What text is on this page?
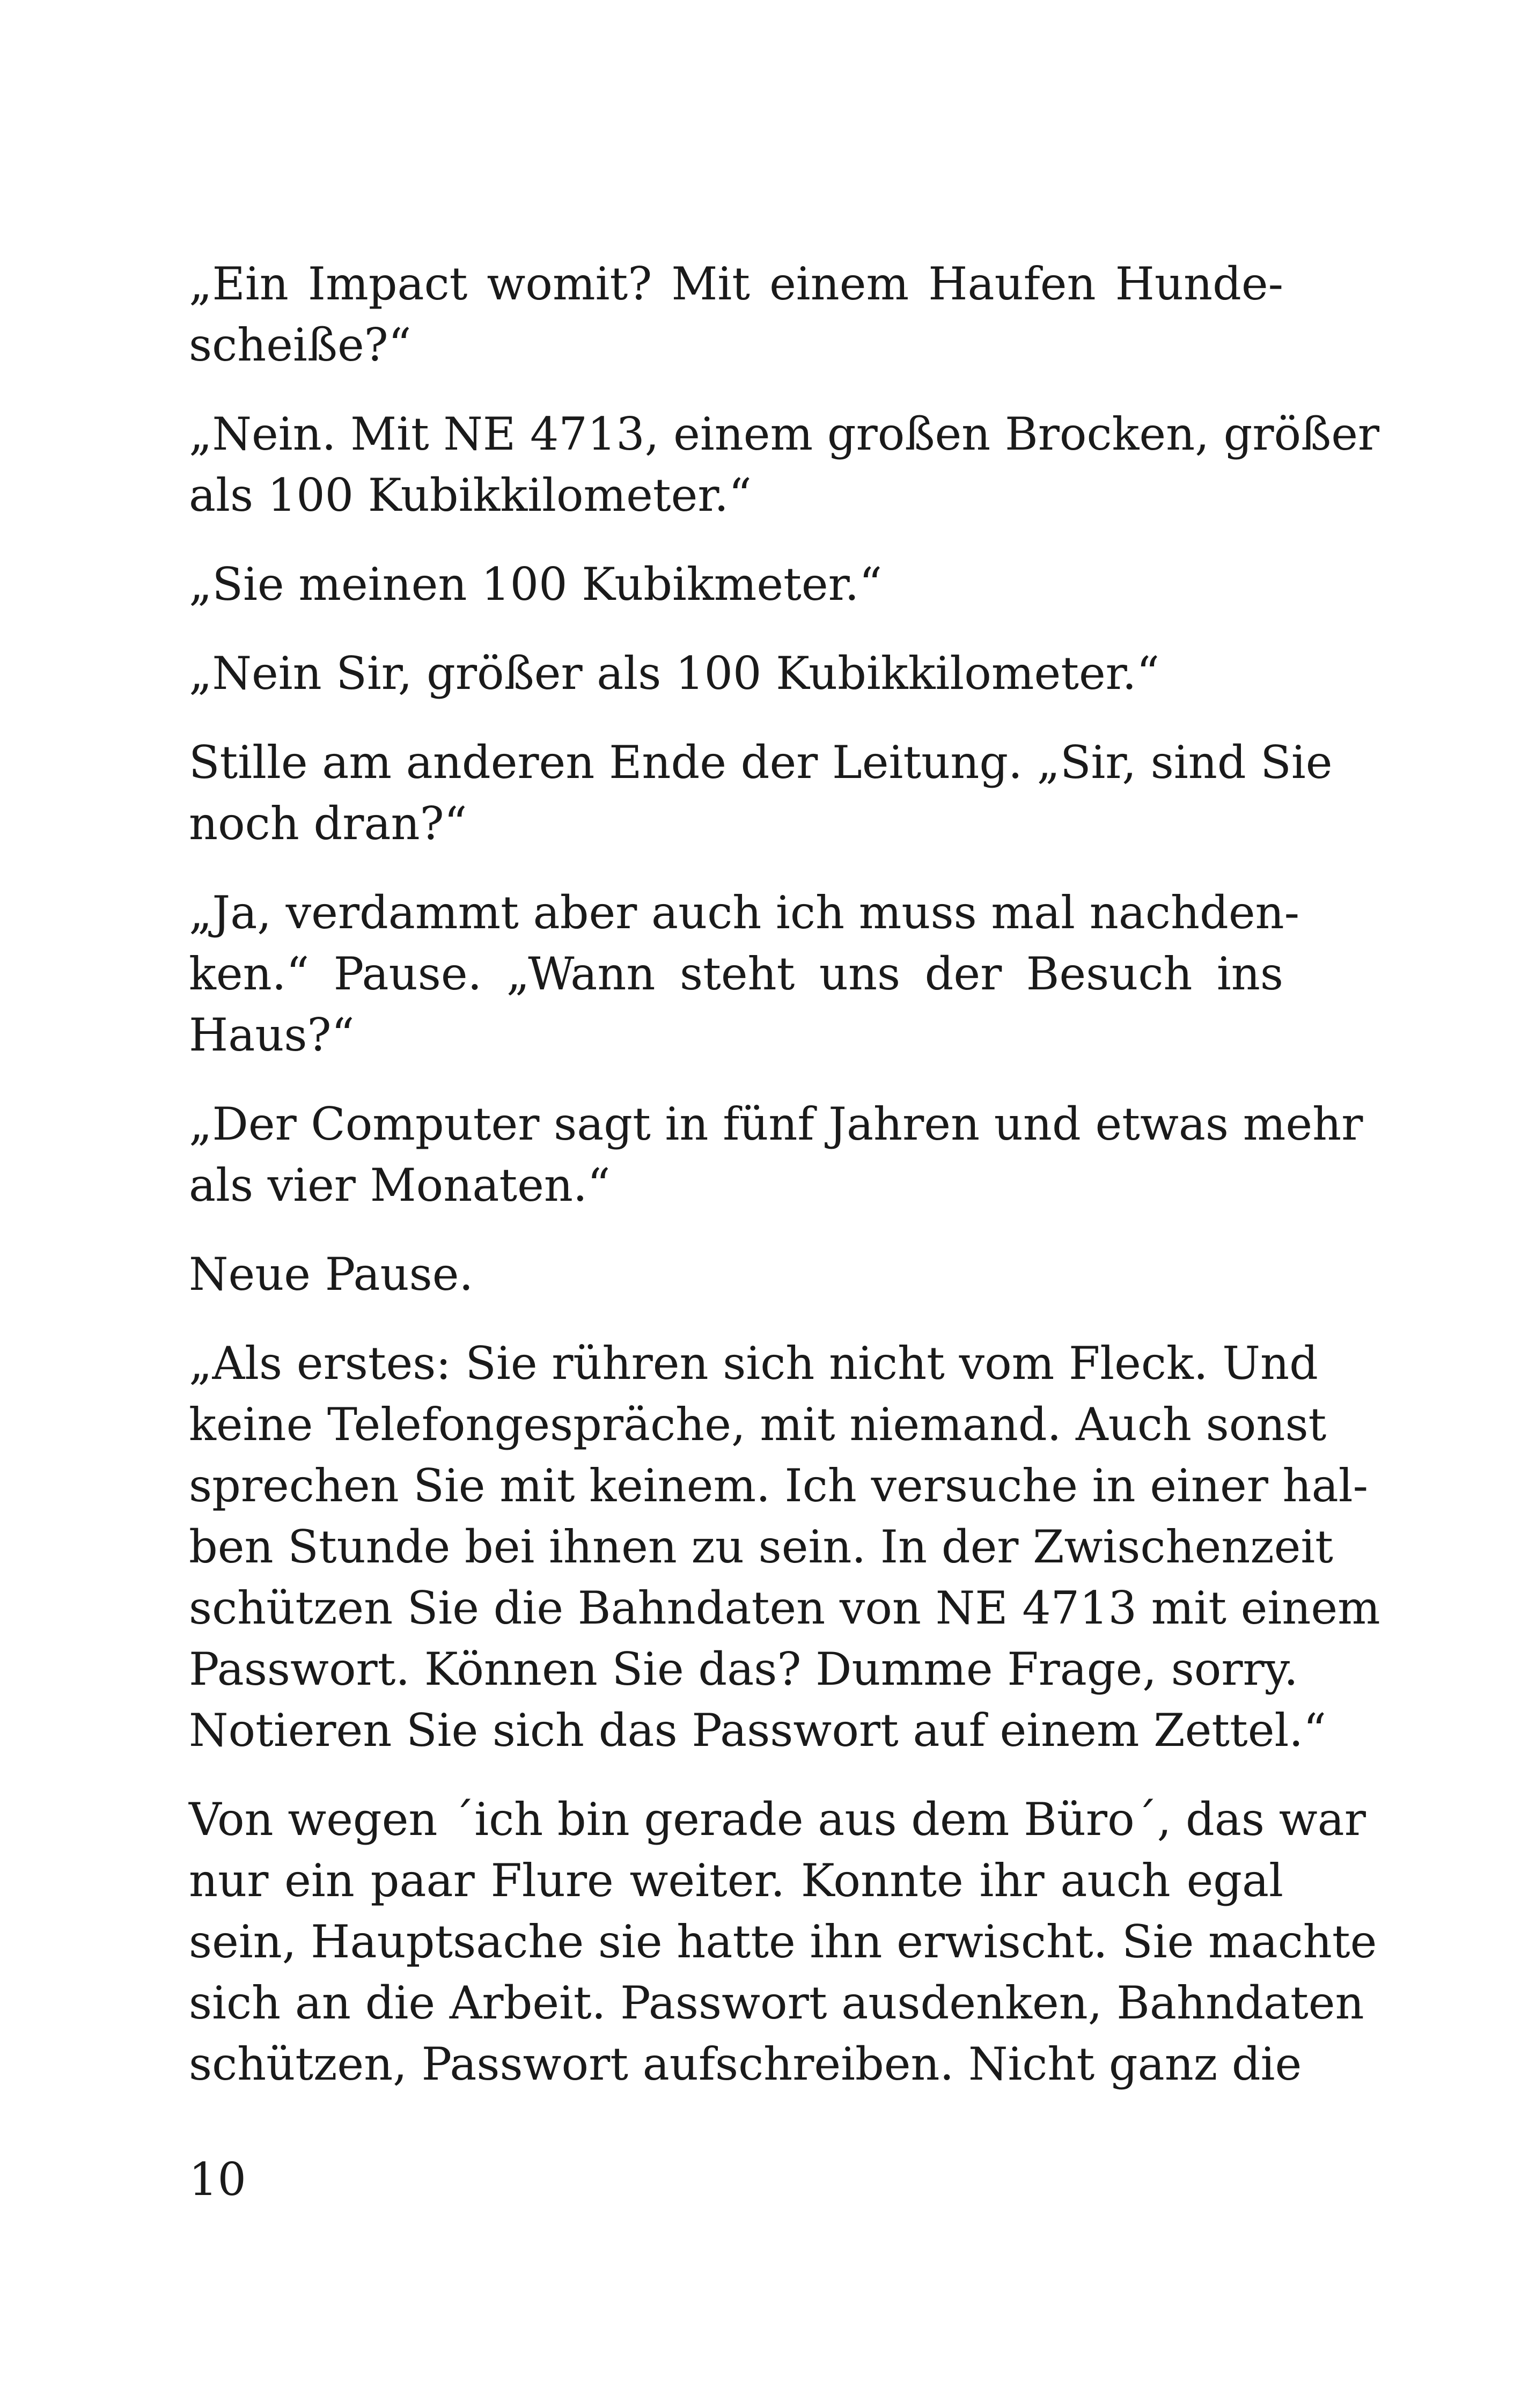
„Ein Impact womit? Mit einem Haufen Hunde-
scheiße?“

„Nein. Mit NE 4713, einem großen Brocken, größer
als 100 Kubikkilometer.“

„Sie meinen 100 Kubikmeter.“

„Nein Sir, größer als 100 Kubikkilometer.“

Stille am anderen Ende der Leitung. „Sir, sind Sie
noch dran?“

„Ja, verdammt aber auch ich muss mal nachden-
ken.“ Pause. „Wann steht uns der Besuch ins
Haus?“

„Der Computer sagt in fünf Jahren und etwas mehr
als vier Monaten.“

Neue Pause.

„Als erstes: Sie rühren sich nicht vom Fleck. Und
keine Telefongespräche, mit niemand. Auch sonst
sprechen Sie mit keinem. Ich versuche in einer hal-
ben Stunde bei ihnen zu sein. In der Zwischenzeit
schützen Sie die Bahndaten von NE 4713 mit einem
Passwort. Können Sie das? Dumme Frage, sorry.
Notieren Sie sich das Passwort auf einem Zettel.“

Von wegen ´ich bin gerade aus dem Büro´, das war
nur ein paar Flure weiter. Konnte ihr auch egal
sein, Hauptsache sie hatte ihn erwischt. Sie machte
sich an die Arbeit. Passwort ausdenken, Bahndaten
schützen, Passwort aufschreiben. Nicht ganz die

10
